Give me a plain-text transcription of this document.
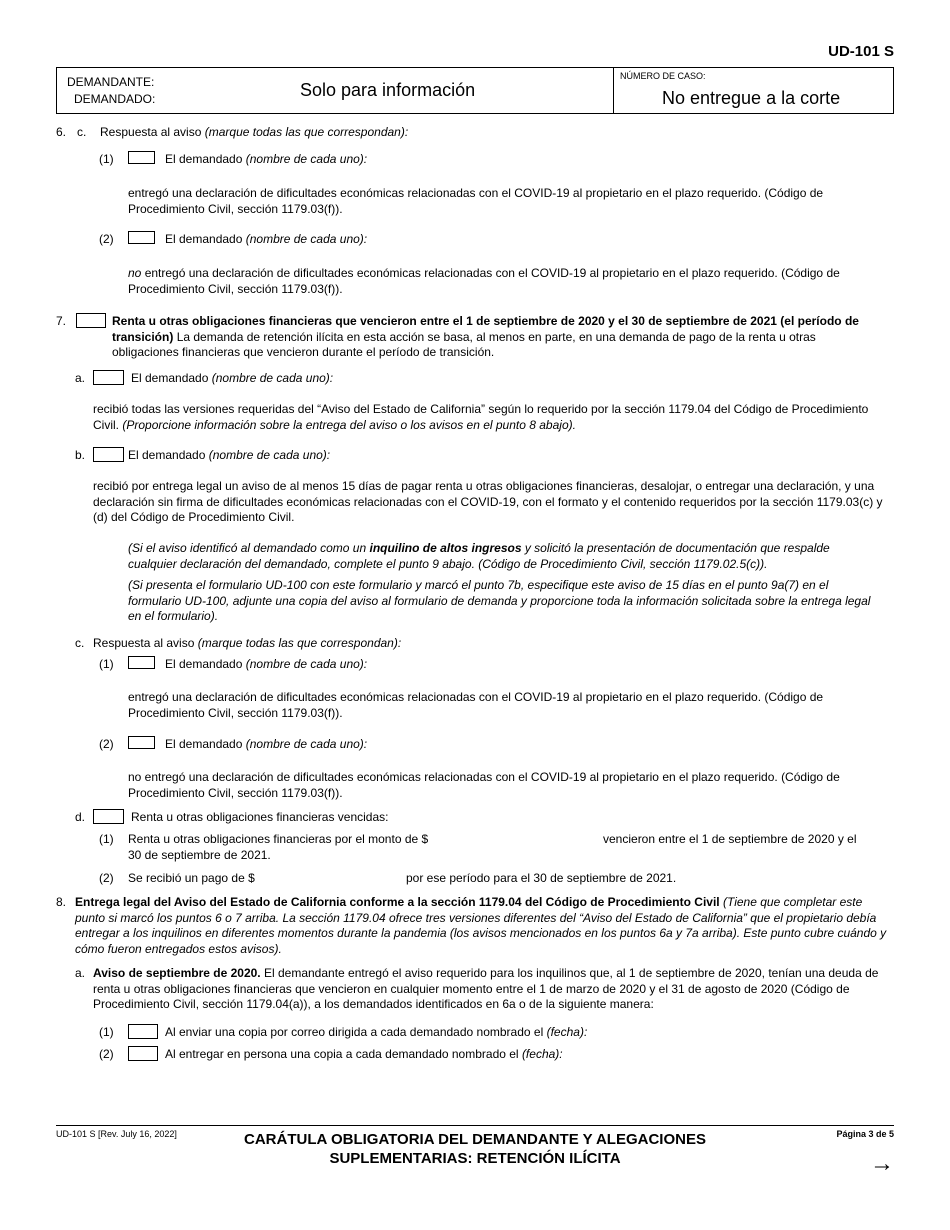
UD-101 S
DEMANDANTE:
DEMANDADO:	Solo para información
NÚMERO DE CASO:
No entregue a la corte
6. c. Respuesta al aviso (marque todas las que correspondan):
(1)	El demandado (nombre de cada uno):
entregó una declaración de dificultades económicas relacionadas con el COVID-19 al propietario en el plazo requerido. (Código de Procedimiento Civil, sección 1179.03(f)).
(2)	El demandado (nombre de cada uno):
no entregó una declaración de dificultades económicas relacionadas con el COVID-19 al propietario en el plazo requerido. (Código de Procedimiento Civil, sección 1179.03(f)).
7.	Renta u otras obligaciones financieras que vencieron entre el 1 de septiembre de 2020 y el 30 de septiembre de 2021 (el período de transición) La demanda de retención ilícita en esta acción se basa, al menos en parte, en una demanda de pago de la renta u otras obligaciones financieras que vencieron durante el período de transición.
a.	El demandado (nombre de cada uno):
recibió todas las versiones requeridas del “Aviso del Estado de California” según lo requerido por la sección 1179.04 del Código de Procedimiento Civil. (Proporcione información sobre la entrega del aviso o los avisos en el punto 8 abajo).
b.	El demandado (nombre de cada uno):
recibió por entrega legal un aviso de al menos 15 días de pagar renta u otras obligaciones financieras, desalojar, o entregar una declaración, y una declaración sin firma de dificultades económicas relacionadas con el COVID-19, con el formato y el contenido requeridos por la sección 1179.03(c) y (d) del Código de Procedimiento Civil.
(Si el aviso identificó al demandado como un inquilino de altos ingresos y solicitó la presentación de documentación que respalde cualquier declaración del demandado, complete el punto 9 abajo. (Código de Procedimiento Civil, sección 1179.02.5(c)).
(Si presenta el formulario UD-100 con este formulario y marcó el punto 7b, especifique este aviso de 15 días en el punto 9a(7) en el formulario UD-100, adjunte una copia del aviso al formulario de demanda y proporcione toda la información solicitada sobre la entrega legal en el formulario).
c. Respuesta al aviso (marque todas las que correspondan):
(1)	El demandado (nombre de cada uno):
entregó una declaración de dificultades económicas relacionadas con el COVID-19 al propietario en el plazo requerido. (Código de Procedimiento Civil, sección 1179.03(f)).
(2)	El demandado (nombre de cada uno):
no entregó una declaración de dificultades económicas relacionadas con el COVID-19 al propietario en el plazo requerido. (Código de Procedimiento Civil, sección 1179.03(f)).
d.	Renta u otras obligaciones financieras vencidas:
(1) Renta u otras obligaciones financieras por el monto de $	vencieron entre el 1 de septiembre de 2020 y el
30 de septiembre de 2021.
(2) Se recibió un pago de $	por ese período para el 30 de septiembre de 2021.
8. Entrega legal del Aviso del Estado de California conforme a la sección 1179.04 del Código de Procedimiento Civil (Tiene que completar este punto si marcó los puntos 6 o 7 arriba. La sección 1179.04 ofrece tres versiones diferentes del “Aviso del Estado de California” que el propietario debía entregar a los inquilinos en diferentes momentos durante la pandemia (los avisos mencionados en los puntos 6a y 7a arriba). Este punto cubre cuándo y cómo fueron entregados estos avisos).
a. Aviso de septiembre de 2020. El demandante entregó el aviso requerido para los inquilinos que, al 1 de septiembre de 2020, tenían una deuda de renta u otras obligaciones financieras que vencieron en cualquier momento entre el 1 de marzo de 2020 y el 31 de agosto de 2020 (Código de Procedimiento Civil, sección 1179.04(a)), a los demandados identificados en 6a o de la siguiente manera:
(1)	Al enviar una copia por correo dirigida a cada demandado nombrado el (fecha):
(2)	Al entregar en persona una copia a cada demandado nombrado el (fecha):
UD-101 S [Rev. July 16, 2022]	CARÁTULA OBLIGATORIA DEL DEMANDANTE Y ALEGACIONES
SUPLEMENTARIAS: RETENCIÓN ILÍCITA
Página 3 de 5
→
